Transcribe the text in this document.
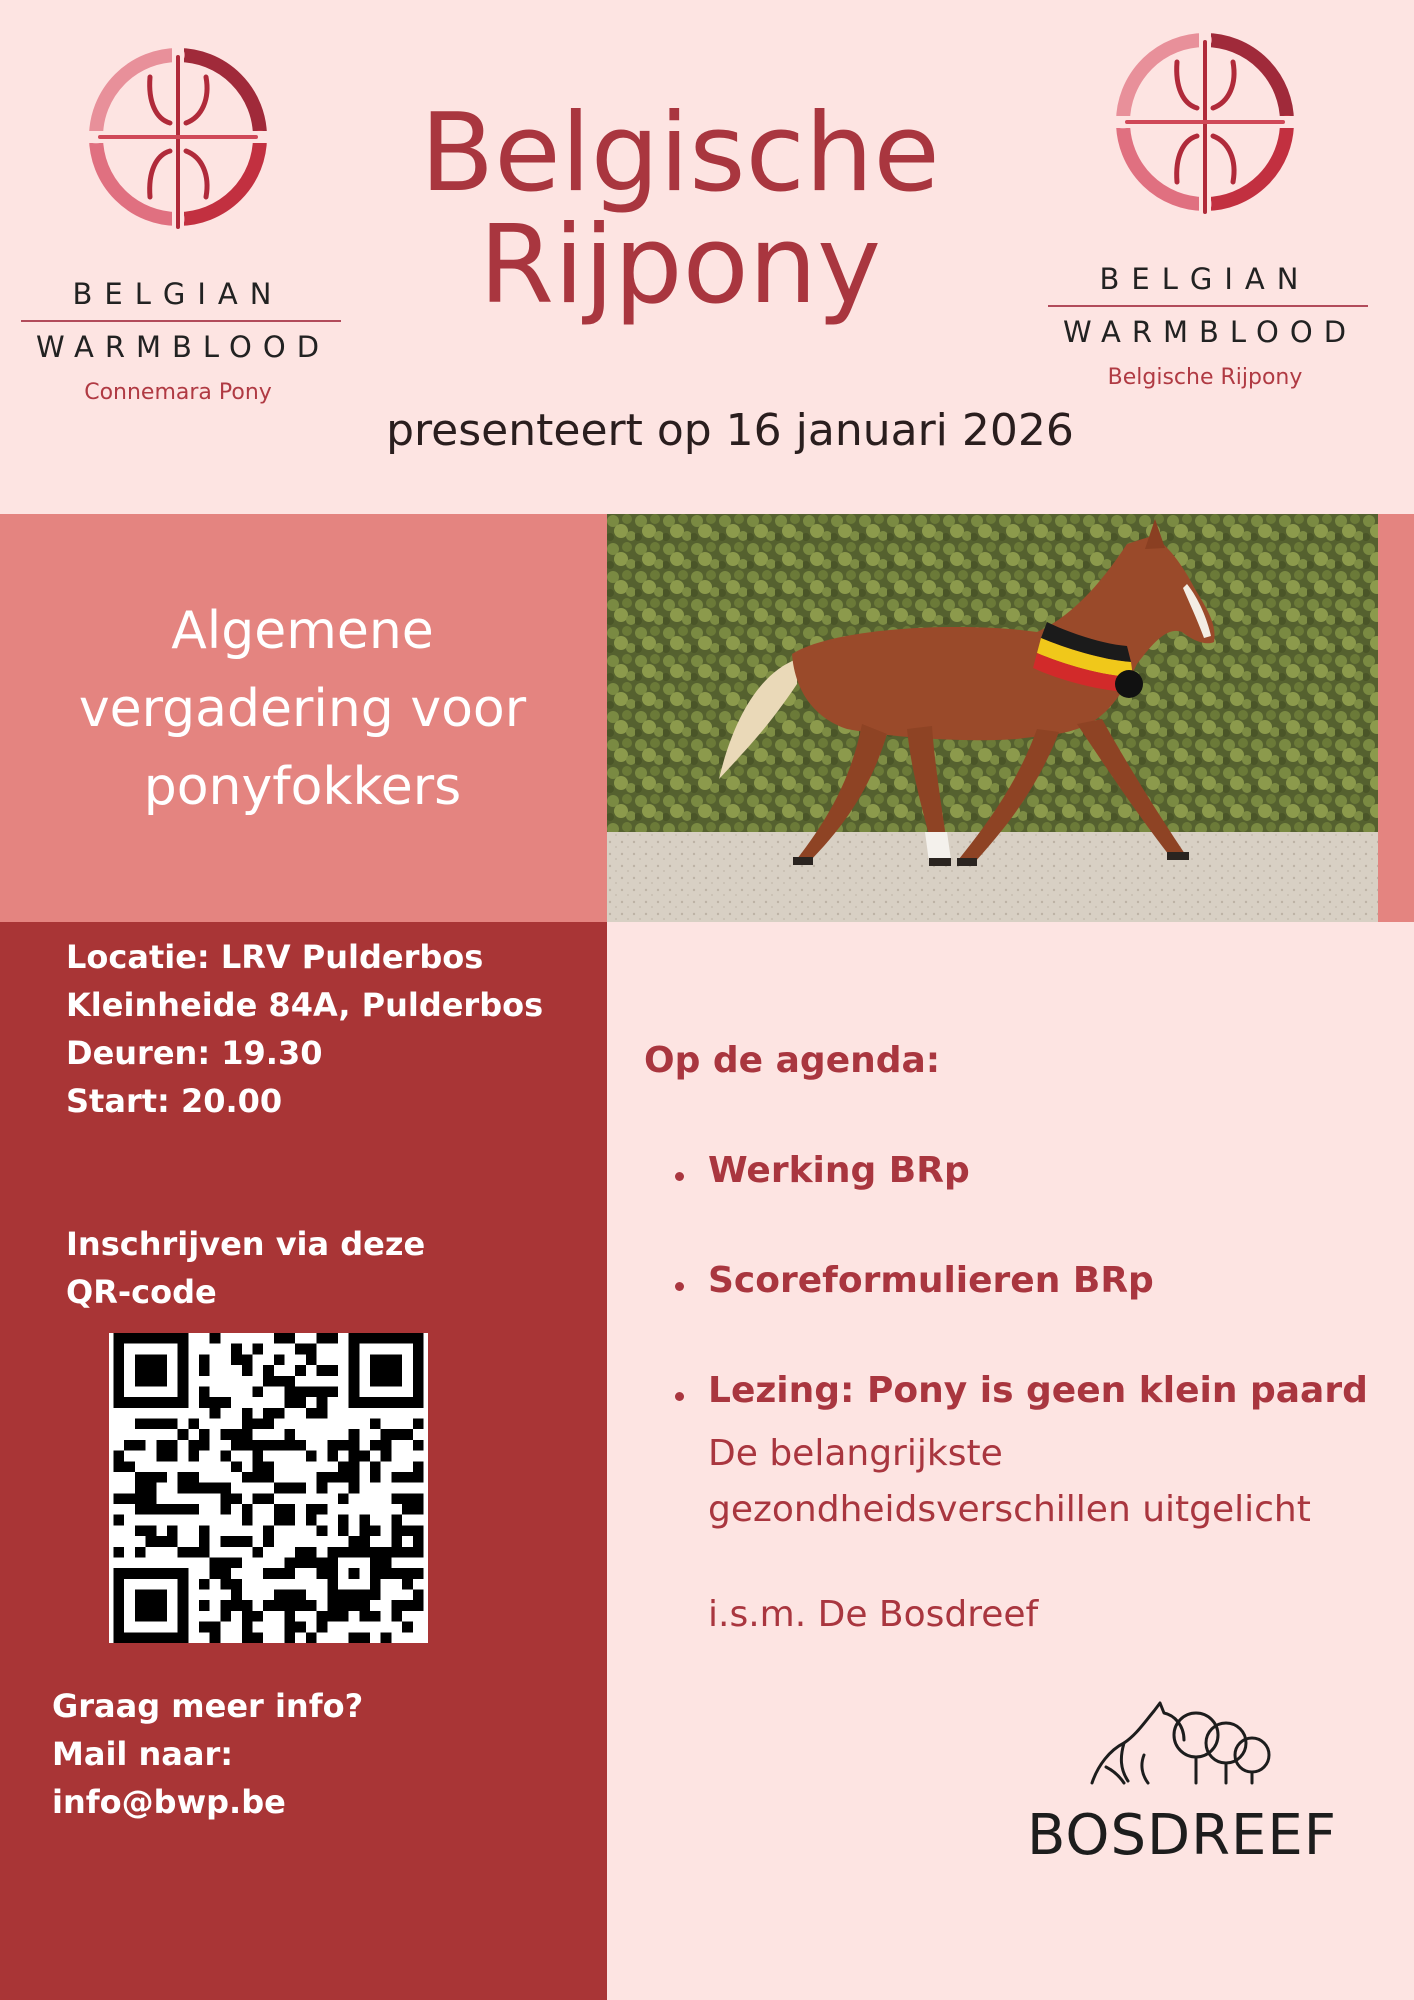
BELGIAN
WARMBLOOD
Connemara Pony
Belgische
Rijpony
presenteert op 16 januari 2026
BELGIAN
WARMBLOOD
Belgische Rijpony
Algemene
vergadering voor
ponyfokkers
Locatie: LRV Pulderbos
Kleinheide 84A, Pulderbos
Deuren: 19.30
Start: 20.00
Inschrijven via deze
QR-code
Graag meer info?
Mail naar:
info@bwp.be
Op de agenda:
Werking BRp
Scoreformulieren BRp
Lezing: Pony is geen klein paard
De belangrijkste
gezondheidsverschillen uitgelicht
i.s.m. De Bosdreef
BOSDREEF
